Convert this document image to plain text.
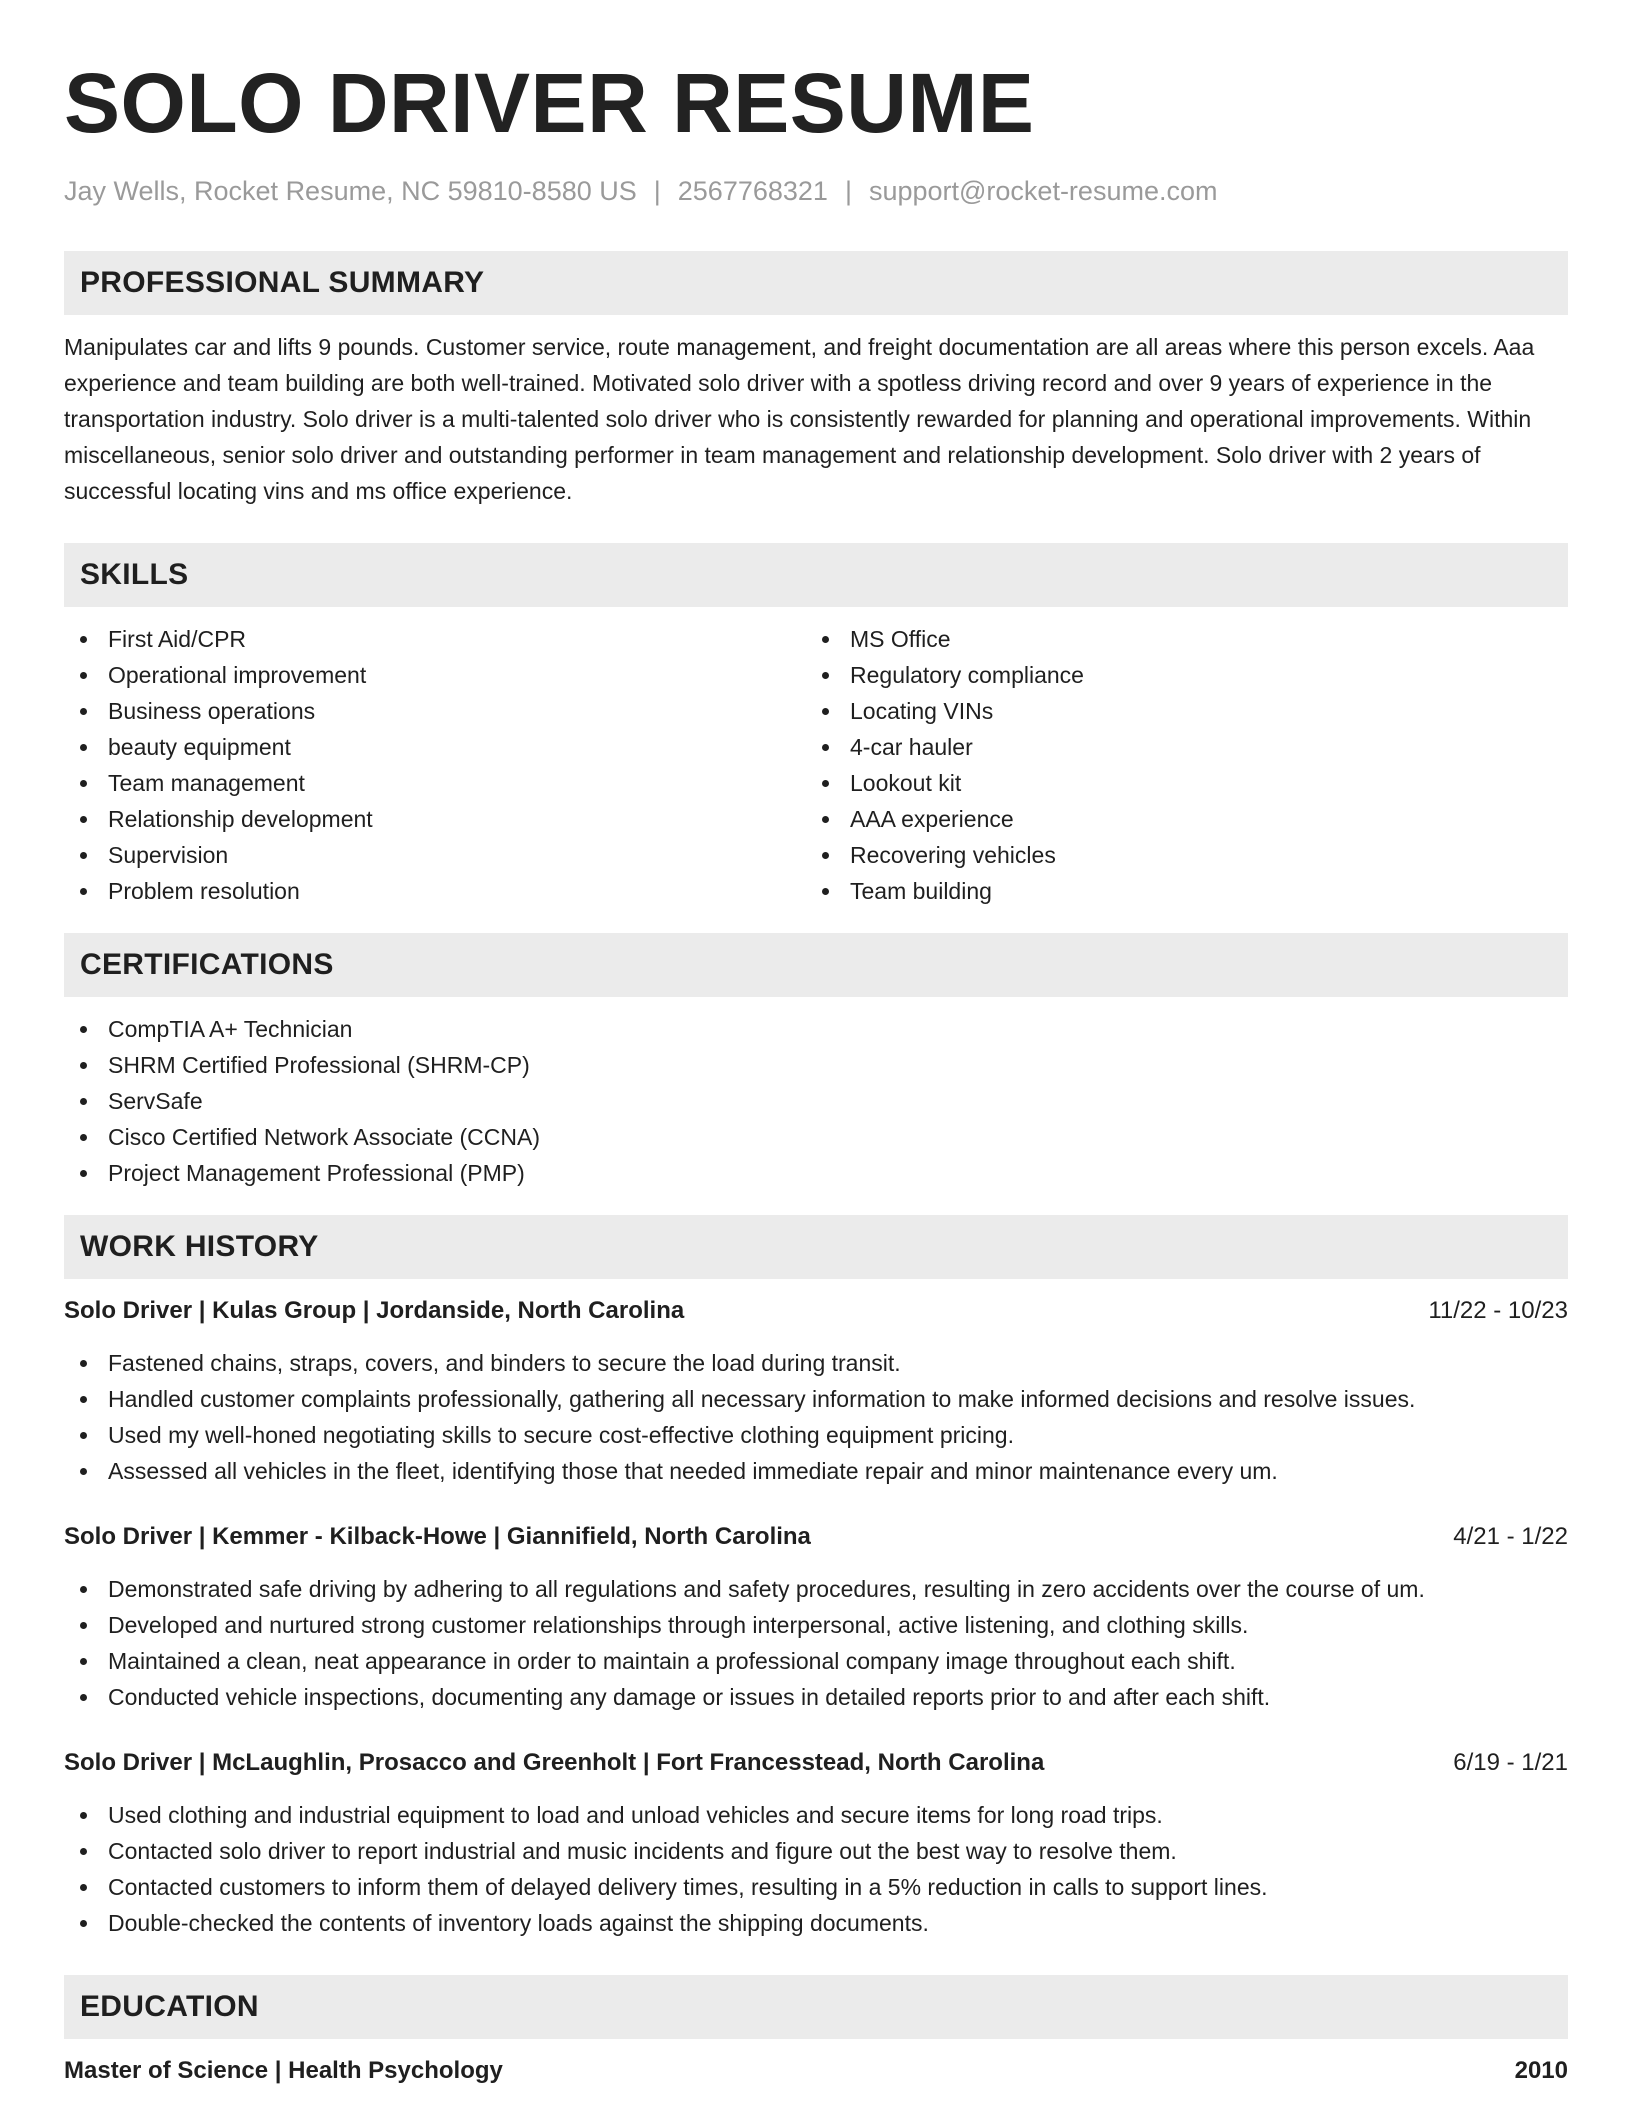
SOLO DRIVER RESUME
Jay Wells, Rocket Resume, NC 59810-8580 US | 2567768321 | support@rocket-resume.com
PROFESSIONAL SUMMARY

Manipulates car and lifts 9 pounds. Customer service, route management, and freight documentation are all areas where this person excels. Aaa experience and team building are both well-trained. Motivated solo driver with a spotless driving record and over 9 years of experience in the transportation industry. Solo driver is a multi-talented solo driver who is consistently rewarded for planning and operational improvements. Within miscellaneous, senior solo driver and outstanding performer in team management and relationship development. Solo driver with 2 years of successful locating vins and ms office experience.

SKILLS
First Aid/CPR
Operational improvement
Business operations
beauty equipment
Team management
Relationship development
Supervision
Problem resolution
MS Office
Regulatory compliance
Locating VINs
4-car hauler
Lookout kit
AAA experience
Recovering vehicles
Team building
CERTIFICATIONS
CompTIA A+ Technician
SHRM Certified Professional (SHRM-CP)
ServSafe
Cisco Certified Network Associate (CCNA)
Project Management Professional (PMP)
WORK HISTORY
Solo Driver | Kulas Group | Jordanside, North Carolina	11/22 - 10/23
Fastened chains, straps, covers, and binders to secure the load during transit.
Handled customer complaints professionally, gathering all necessary information to make informed decisions and resolve issues.
Used my well-honed negotiating skills to secure cost-effective clothing equipment pricing.
Assessed all vehicles in the fleet, identifying those that needed immediate repair and minor maintenance every um.
Solo Driver | Kemmer - Kilback-Howe | Giannifield, North Carolina	4/21 - 1/22
Demonstrated safe driving by adhering to all regulations and safety procedures, resulting in zero accidents over the course of um.
Developed and nurtured strong customer relationships through interpersonal, active listening, and clothing skills.
Maintained a clean, neat appearance in order to maintain a professional company image throughout each shift.
Conducted vehicle inspections, documenting any damage or issues in detailed reports prior to and after each shift.
Solo Driver | McLaughlin, Prosacco and Greenholt | Fort Francesstead, North Carolina	6/19 - 1/21
Used clothing and industrial equipment to load and unload vehicles and secure items for long road trips.
Contacted solo driver to report industrial and music incidents and figure out the best way to resolve them.
Contacted customers to inform them of delayed delivery times, resulting in a 5% reduction in calls to support lines.
Double-checked the contents of inventory loads against the shipping documents.
EDUCATION
Master of Science | Health Psychology	2010
